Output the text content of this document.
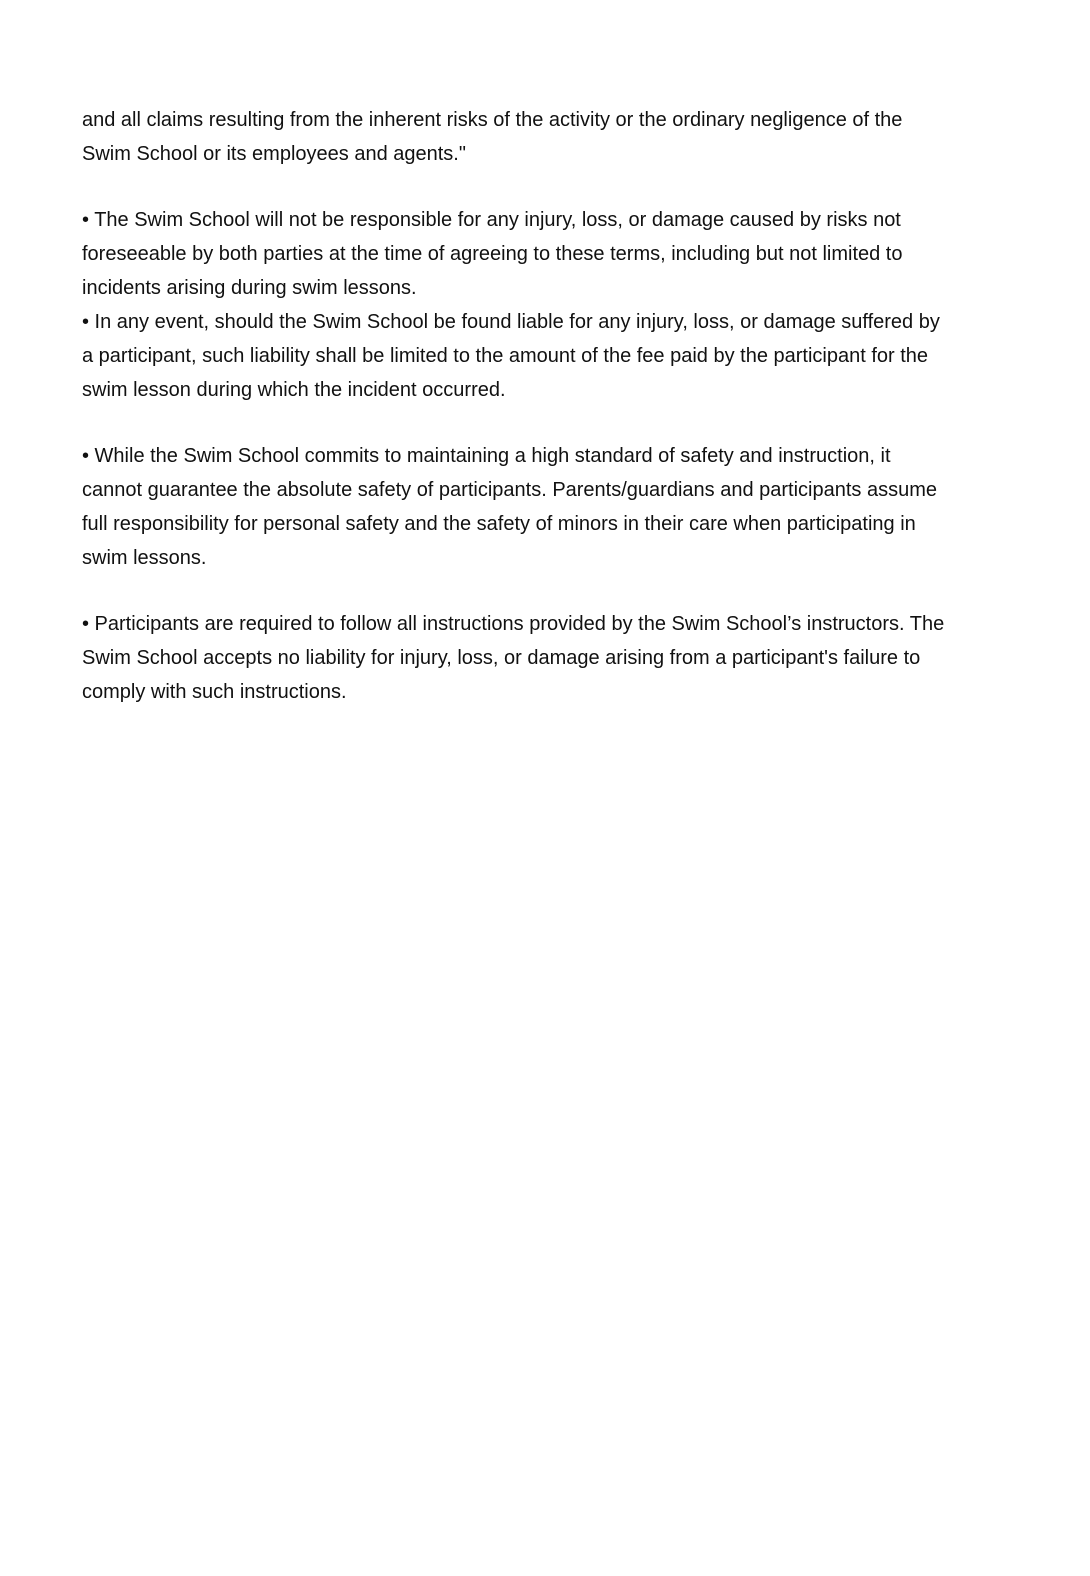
and all claims resulting from the inherent risks of the activity or the ordinary negligence of the
Swim School or its employees and agents."
• The Swim School will not be responsible for any injury, loss, or damage caused by risks not
foreseeable by both parties at the time of agreeing to these terms, including but not limited to
incidents arising during swim lessons.
• In any event, should the Swim School be found liable for any injury, loss, or damage suffered by
a participant, such liability shall be limited to the amount of the fee paid by the participant for the
swim lesson during which the incident occurred.
• While the Swim School commits to maintaining a high standard of safety and instruction, it
cannot guarantee the absolute safety of participants. Parents/guardians and participants assume
full responsibility for personal safety and the safety of minors in their care when participating in
swim lessons.
• Participants are required to follow all instructions provided by the Swim School’s instructors. The
Swim School accepts no liability for injury, loss, or damage arising from a participant's failure to
comply with such instructions.
